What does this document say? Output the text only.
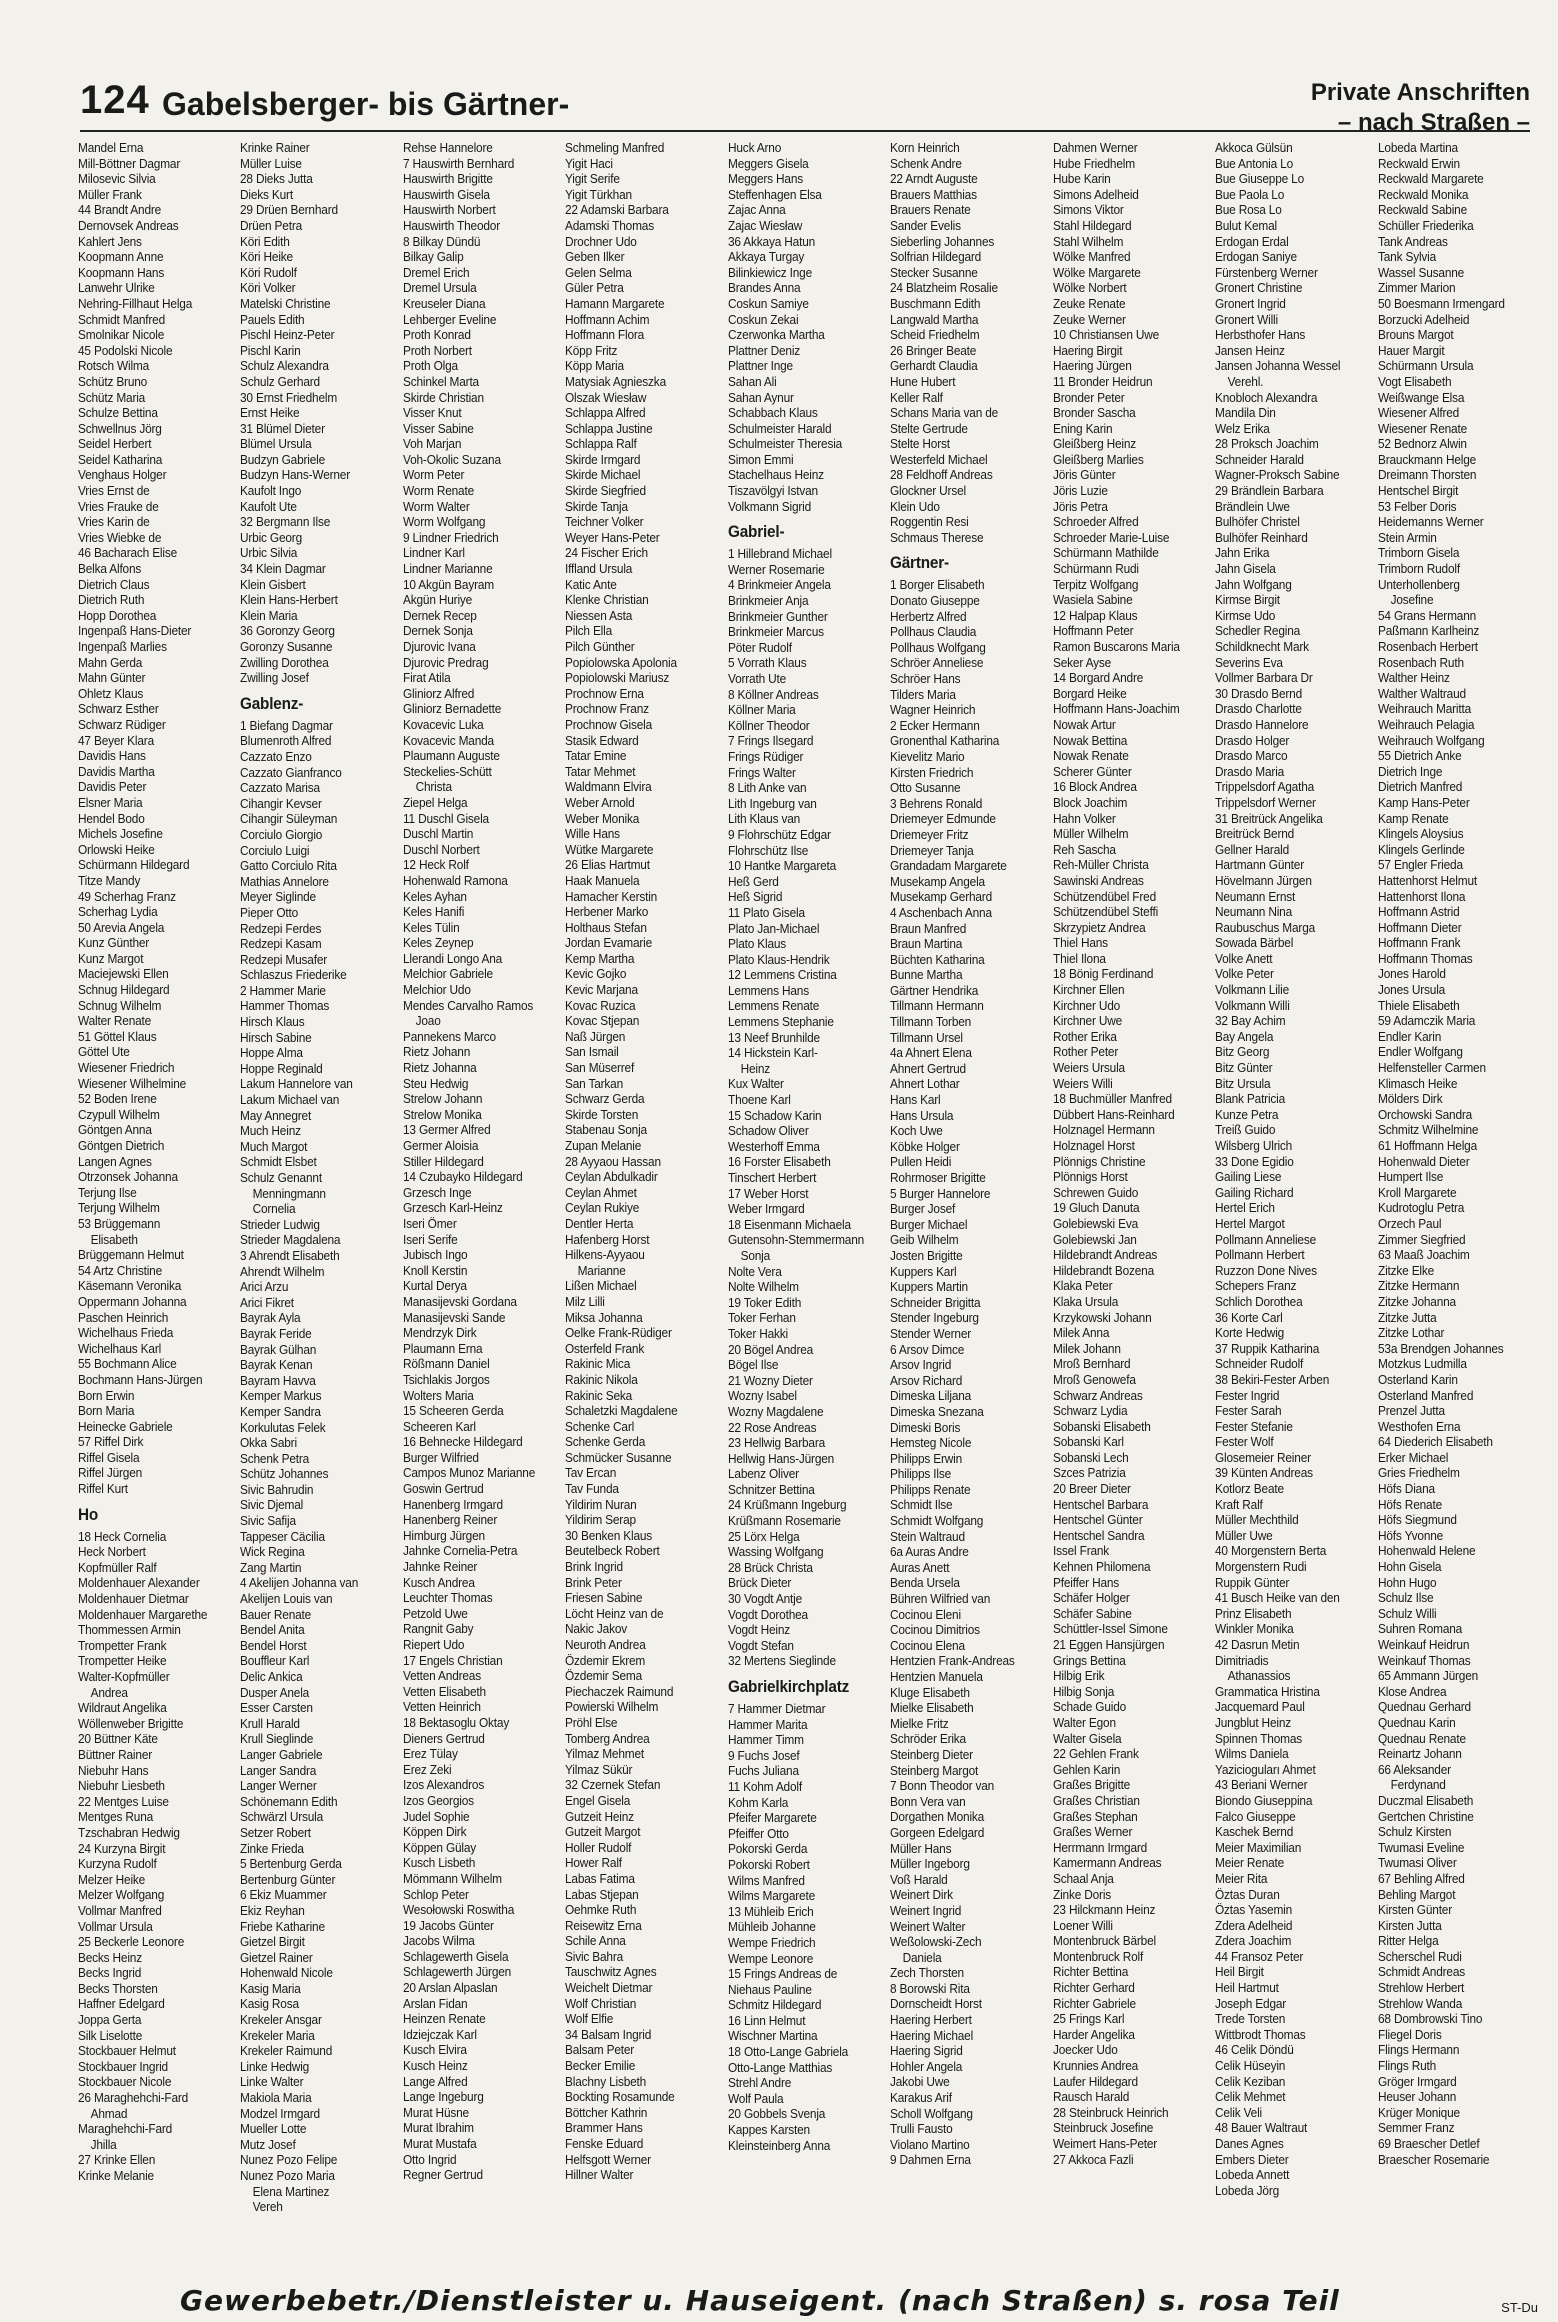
124 Gabelsberger- bis Gärtner-	Private Anschriften
– nach Straßen –
Mandel Erna
Mill-Böttner Dagmar
Milosevic Silvia
Müller Frank
44 Brandt Andre
Dernovsek Andreas
Kahlert Jens
Koopmann Anne
Koopmann Hans
Lanwehr Ulrike
Nehring-Fillhaut Helga
Schmidt Manfred
Smolnikar Nicole
45 Podolski Nicole
Rotsch Wilma
Schütz Bruno
Schütz Maria
Schulze Bettina
Schwellnus Jörg
Seidel Herbert
Seidel Katharina
Venghaus Holger
Vries Ernst de
Vries Frauke de
Vries Karin de
Vries Wiebke de
46 Bacharach Elise
Belka Alfons
Dietrich Claus
Dietrich Ruth
Hopp Dorothea
Ingenpaß Hans-Dieter
Ingenpaß Marlies
Mahn Gerda
Mahn Günter
Ohletz Klaus
Schwarz Esther
Schwarz Rüdiger
47 Beyer Klara
Davidis Hans
Davidis Martha
Davidis Peter
Elsner Maria
Hendel Bodo
Michels Josefine
Orlowski Heike
Schürmann Hildegard
Titze Mandy
49 Scherhag Franz
Scherhag Lydia
50 Arevia Angela
Kunz Günther
Kunz Margot
Maciejewski Ellen
Schnug Hildegard
Schnug Wilhelm
Walter Renate
51 Göttel Klaus
Göttel Ute
Wiesener Friedrich
Wiesener Wilhelmine
52 Boden Irene
Czypull Wilhelm
Göntgen Anna
Göntgen Dietrich
Langen Agnes
Otrzonsek Johanna
Terjung Ilse
Terjung Wilhelm
53 Brüggemann
Elisabeth
Brüggemann Helmut
54 Artz Christine
Käsemann Veronika
Oppermann Johanna
Paschen Heinrich
Wichelhaus Frieda
Wichelhaus Karl
55 Bochmann Alice
Bochmann Hans-Jürgen
Born Erwin
Born Maria
Heinecke Gabriele
57 Riffel Dirk
Riffel Gisela
Riffel Jürgen
Riffel Kurt
Ho
18 Heck Cornelia
Heck Norbert
Kopfmüller Ralf
Moldenhauer Alexander
Moldenhauer Dietmar
Moldenhauer Margarethe
Thommessen Armin
Trompetter Frank
Trompetter Heike
Walter-Kopfmüller
Andrea
Wildraut Angelika
Wöllenweber Brigitte
20 Büttner Käte
Büttner Rainer
Niebuhr Hans
Niebuhr Liesbeth
22 Mentges Luise
Mentges Runa
Tzschabran Hedwig
24 Kurzyna Birgit
Kurzyna Rudolf
Melzer Heike
Melzer Wolfgang
Vollmar Manfred
Vollmar Ursula
25 Beckerle Leonore
Becks Heinz
Becks Ingrid
Becks Thorsten
Haffner Edelgard
Joppa Gerta
Silk Liselotte
Stockbauer Helmut
Stockbauer Ingrid
Stockbauer Nicole
26 Maraghehchi-Fard
Ahmad
Maraghehchi-Fard
Jhilla
27 Krinke Ellen
Krinke Melanie
Krinke Rainer
Müller Luise
28 Dieks Jutta
Dieks Kurt
29 Drüen Bernhard
Drüen Petra
Köri Edith
Köri Heike
Köri Rudolf
Köri Volker
Matelski Christine
Pauels Edith
Pischl Heinz-Peter
Pischl Karin
Schulz Alexandra
Schulz Gerhard
30 Ernst Friedhelm
Ernst Heike
31 Blümel Dieter
Blümel Ursula
Budzyn Gabriele
Budzyn Hans-Werner
Kaufolt Ingo
Kaufolt Ute
32 Bergmann Ilse
Urbic Georg
Urbic Silvia
34 Klein Dagmar
Klein Gisbert
Klein Hans-Herbert
Klein Maria
36 Goronzy Georg
Goronzy Susanne
Zwilling Dorothea
Zwilling Josef
Gablenz-
1 Biefang Dagmar
Blumenroth Alfred
Cazzato Enzo
Cazzato Gianfranco
Cazzato Marisa
Cihangir Kevser
Cihangir Süleyman
Corciulo Giorgio
Corciulo Luigi
Gatto Corciulo Rita
Mathias Annelore
Meyer Siglinde
Pieper Otto
Redzepi Ferdes
Redzepi Kasam
Redzepi Musafer
Schlaszus Friederike
2 Hammer Marie
Hammer Thomas
Hirsch Klaus
Hirsch Sabine
Hoppe Alma
Hoppe Reginald
Lakum Hannelore van
Lakum Michael van
May Annegret
Much Heinz
Much Margot
Schmidt Elsbet
Schulz Genannt
Menningmann
Cornelia
Strieder Ludwig
Strieder Magdalena
3 Ahrendt Elisabeth
Ahrendt Wilhelm
Arici Arzu
Arici Fikret
Bayrak Ayla
Bayrak Feride
Bayrak Gülhan
Bayrak Kenan
Bayram Havva
Kemper Markus
Kemper Sandra
Korkulutas Felek
Okka Sabri
Schenk Petra
Schütz Johannes
Sivic Bahrudin
Sivic Djemal
Sivic Safija
Tappeser Cäcilia
Wick Regina
Zang Martin
4 Akelijen Johanna van
Akelijen Louis van
Bauer Renate
Bendel Anita
Bendel Horst
Bouffleur Karl
Delic Ankica
Dusper Anela
Esser Carsten
Krull Harald
Krull Sieglinde
Langer Gabriele
Langer Sandra
Langer Werner
Schönemann Edith
Schwärzl Ursula
Setzer Robert
Zinke Frieda
5 Bertenburg Gerda
Bertenburg Günter
6 Ekiz Muammer
Ekiz Reyhan
Friebe Katharine
Gietzel Birgit
Gietzel Rainer
Hohenwald Nicole
Kasig Maria
Kasig Rosa
Krekeler Ansgar
Krekeler Maria
Krekeler Raimund
Linke Hedwig
Linke Walter
Makiola Maria
Modzel Irmgard
Mueller Lotte
Mutz Josef
Nunez Pozo Felipe
Nunez Pozo Maria
Elena Martinez
Vereh
Rehse Hannelore
7 Hauswirth Bernhard
Hauswirth Brigitte
Hauswirth Gisela
Hauswirth Norbert
Hauswirth Theodor
8 Bilkay Dündü
Bilkay Galip
Dremel Erich
Dremel Ursula
Kreuseler Diana
Lehberger Eveline
Proth Konrad
Proth Norbert
Proth Olga
Schinkel Marta
Skirde Christian
Visser Knut
Visser Sabine
Voh Marjan
Voh-Okolic Suzana
Worm Peter
Worm Renate
Worm Walter
Worm Wolfgang
9 Lindner Friedrich
Lindner Karl
Lindner Marianne
10 Akgün Bayram
Akgün Huriye
Dernek Recep
Dernek Sonja
Djurovic Ivana
Djurovic Predrag
Firat Atila
Gliniorz Alfred
Gliniorz Bernadette
Kovacevic Luka
Kovacevic Manda
Plaumann Auguste
Steckelies-Schütt
Christa
Ziepel Helga
11 Duschl Gisela
Duschl Martin
Duschl Norbert
12 Heck Rolf
Hohenwald Ramona
Keles Ayhan
Keles Hanifi
Keles Tülin
Keles Zeynep
Llerandi Longo Ana
Melchior Gabriele
Melchior Udo
Mendes Carvalho Ramos
Joao
Pannekens Marco
Rietz Johann
Rietz Johanna
Steu Hedwig
Strelow Johann
Strelow Monika
13 Germer Alfred
Germer Aloisia
Stiller Hildegard
14 Czubayko Hildegard
Grzesch Inge
Grzesch Karl-Heinz
Iseri Ömer
Iseri Serife
Jubisch Ingo
Knoll Kerstin
Kurtal Derya
Manasijevski Gordana
Manasijevski Sande
Mendrzyk Dirk
Plaumann Erna
Rößmann Daniel
Tsichlakis Jorgos
Wolters Maria
15 Scheeren Gerda
Scheeren Karl
16 Behnecke Hildegard
Burger Wilfried
Campos Munoz Marianne
Goswin Gertrud
Hanenberg Irmgard
Hanenberg Reiner
Himburg Jürgen
Jahnke Cornelia-Petra
Jahnke Reiner
Kusch Andrea
Leuchter Thomas
Petzold Uwe
Rangnit Gaby
Riepert Udo
17 Engels Christian
Vetten Andreas
Vetten Elisabeth
Vetten Heinrich
18 Bektasoglu Oktay
Dieners Gertrud
Erez Tülay
Erez Zeki
Izos Alexandros
Izos Georgios
Judel Sophie
Köppen Dirk
Köppen Gülay
Kusch Lisbeth
Mömmann Wilhelm
Schlop Peter
Wesołowski Roswitha
19 Jacobs Günter
Jacobs Wilma
Schlagewerth Gisela
Schlagewerth Jürgen
20 Arslan Alpaslan
Arslan Fidan
Heinzen Renate
Idziejczak Karl
Kusch Elvira
Kusch Heinz
Lange Alfred
Lange Ingeburg
Murat Hüsne
Murat Ibrahim
Murat Mustafa
Otto Ingrid
Regner Gertrud
Schmeling Manfred
Yigit Haci
Yigit Serife
Yigit Türkhan
22 Adamski Barbara
Adamski Thomas
Drochner Udo
Geben Ilker
Gelen Selma
Güler Petra
Hamann Margarete
Hoffmann Achim
Hoffmann Flora
Köpp Fritz
Köpp Maria
Matysiak Agnieszka
Olszak Wiesław
Schlappa Alfred
Schlappa Justine
Schlappa Ralf
Skirde Irmgard
Skirde Michael
Skirde Siegfried
Skirde Tanja
Teichner Volker
Weyer Hans-Peter
24 Fischer Erich
Iffland Ursula
Katic Ante
Klenke Christian
Niessen Asta
Pilch Ella
Pilch Günther
Popiolowska Apolonia
Popiolowski Mariusz
Prochnow Erna
Prochnow Franz
Prochnow Gisela
Stasik Edward
Tatar Emine
Tatar Mehmet
Waldmann Elvira
Weber Arnold
Weber Monika
Wille Hans
Wütke Margarete
26 Elias Hartmut
Haak Manuela
Hamacher Kerstin
Herbener Marko
Holthaus Stefan
Jordan Evamarie
Kemp Martha
Kevic Gojko
Kevic Marjana
Kovac Ruzica
Kovac Stjepan
Naß Jürgen
San Ismail
San Müserref
San Tarkan
Schwarz Gerda
Skirde Torsten
Stabenau Sonja
Zupan Melanie
28 Ayyaou Hassan
Ceylan Abdulkadir
Ceylan Ahmet
Ceylan Rukiye
Dentler Herta
Hafenberg Horst
Hilkens-Ayyaou
Marianne
Lißen Michael
Milz Lilli
Miksa Johanna
Oelke Frank-Rüdiger
Osterfeld Frank
Rakinic Mica
Rakinic Nikola
Rakinic Seka
Schaletzki Magdalene
Schenke Carl
Schenke Gerda
Schmücker Susanne
Tav Ercan
Tav Funda
Yildirim Nuran
Yildirim Serap
30 Benken Klaus
Beutelbeck Robert
Brink Ingrid
Brink Peter
Friesen Sabine
Löcht Heinz van de
Nakic Jakov
Neuroth Andrea
Özdemir Ekrem
Özdemir Sema
Piechaczek Raimund
Powierski Wilhelm
Pröhl Else
Tomberg Andrea
Yilmaz Mehmet
Yilmaz Sükür
32 Czernek Stefan
Engel Gisela
Gutzeit Heinz
Gutzeit Margot
Holler Rudolf
Hower Ralf
Labas Fatima
Labas Stjepan
Oehmke Ruth
Reisewitz Erna
Schile Anna
Sivic Bahra
Tauschwitz Agnes
Weichelt Dietmar
Wolf Christian
Wolf Elfie
34 Balsam Ingrid
Balsam Peter
Becker Emilie
Blachny Lisbeth
Bockting Rosamunde
Böttcher Kathrin
Brammer Hans
Fenske Eduard
Helfsgott Werner
Hillner Walter
Huck Arno
Meggers Gisela
Meggers Hans
Steffenhagen Elsa
Zajac Anna
Zajac Wiesław
36 Akkaya Hatun
Akkaya Turgay
Bilinkiewicz Inge
Brandes Anna
Coskun Samiye
Coskun Zekai
Czerwonka Martha
Plattner Deniz
Plattner Inge
Sahan Ali
Sahan Aynur
Schabbach Klaus
Schulmeister Harald
Schulmeister Theresia
Simon Emmi
Stachelhaus Heinz
Tiszavölgyi Istvan
Volkmann Sigrid
Gabriel-
1 Hillebrand Michael
Werner Rosemarie
4 Brinkmeier Angela
Brinkmeier Anja
Brinkmeier Gunther
Brinkmeier Marcus
Pöter Rudolf
5 Vorrath Klaus
Vorrath Ute
8 Köllner Andreas
Köllner Maria
Köllner Theodor
7 Frings Ilsegard
Frings Rüdiger
Frings Walter
8 Lith Anke van
Lith Ingeburg van
Lith Klaus van
9 Flohrschütz Edgar
Flohrschütz Ilse
10 Hantke Margareta
Heß Gerd
Heß Sigrid
11 Plato Gisela
Plato Jan-Michael
Plato Klaus
Plato Klaus-Hendrik
12 Lemmens Cristina
Lemmens Hans
Lemmens Renate
Lemmens Stephanie
13 Neef Brunhilde
14 Hickstein Karl-
Heinz
Kux Walter
Thoene Karl
15 Schadow Karin
Schadow Oliver
Westerhoff Emma
16 Forster Elisabeth
Tinschert Herbert
17 Weber Horst
Weber Irmgard
18 Eisenmann Michaela
Gutensohn-Stemmermann
Sonja
Nolte Vera
Nolte Wilhelm
19 Toker Edith
Toker Ferhan
Toker Hakki
20 Bögel Andrea
Bögel Ilse
21 Wozny Dieter
Wozny Isabel
Wozny Magdalene
22 Rose Andreas
23 Hellwig Barbara
Hellwig Hans-Jürgen
Labenz Oliver
Schnitzer Bettina
24 Krüßmann Ingeburg
Krüßmann Rosemarie
25 Lörx Helga
Wassing Wolfgang
28 Brück Christa
Brück Dieter
30 Vogdt Antje
Vogdt Dorothea
Vogdt Heinz
Vogdt Stefan
32 Mertens Sieglinde
Gabrielkirchplatz
7 Hammer Dietmar
Hammer Marita
Hammer Timm
9 Fuchs Josef
Fuchs Juliana
11 Kohm Adolf
Kohm Karla
Pfeifer Margarete
Pfeiffer Otto
Pokorski Gerda
Pokorski Robert
Wilms Manfred
Wilms Margarete
13 Mühleib Erich
Mühleib Johanne
Wempe Friedrich
Wempe Leonore
15 Frings Andreas de
Niehaus Pauline
Schmitz Hildegard
16 Linn Helmut
Wischner Martina
18 Otto-Lange Gabriela
Otto-Lange Matthias
Strehl Andre
Wolf Paula
20 Gobbels Svenja
Kappes Karsten
Kleinsteinberg Anna
Korn Heinrich
Schenk Andre
22 Arndt Auguste
Brauers Matthias
Brauers Renate
Sander Evelis
Sieberling Johannes
Solfrian Hildegard
Stecker Susanne
24 Blatzheim Rosalie
Buschmann Edith
Langwald Martha
Scheid Friedhelm
26 Bringer Beate
Gerhardt Claudia
Hune Hubert
Keller Ralf
Schans Maria van de
Stelte Gertrude
Stelte Horst
Westerfeld Michael
28 Feldhoff Andreas
Glockner Ursel
Klein Udo
Roggentin Resi
Schmaus Therese
Gärtner-
1 Borger Elisabeth
Donato Giuseppe
Herbertz Alfred
Pollhaus Claudia
Pollhaus Wolfgang
Schröer Anneliese
Schröer Hans
Tilders Maria
Wagner Heinrich
2 Ecker Hermann
Gronenthal Katharina
Kievelitz Mario
Kirsten Friedrich
Otto Susanne
3 Behrens Ronald
Driemeyer Edmunde
Driemeyer Fritz
Driemeyer Tanja
Grandadam Margarete
Musekamp Angela
Musekamp Gerhard
4 Aschenbach Anna
Braun Manfred
Braun Martina
Büchten Katharina
Bunne Martha
Gärtner Hendrika
Tillmann Hermann
Tillmann Torben
Tillmann Ursel
4a Ahnert Elena
Ahnert Gertrud
Ahnert Lothar
Hans Karl
Hans Ursula
Koch Uwe
Köbke Holger
Pullen Heidi
Rohrmoser Brigitte
5 Burger Hannelore
Burger Josef
Burger Michael
Geib Wilhelm
Josten Brigitte
Kuppers Karl
Kuppers Martin
Schneider Brigitta
Stender Ingeburg
Stender Werner
6 Arsov Dimce
Arsov Ingrid
Arsov Richard
Dimeska Liljana
Dimeska Snezana
Dimeski Boris
Hemsteg Nicole
Philipps Erwin
Philipps Ilse
Philipps Renate
Schmidt Ilse
Schmidt Wolfgang
Stein Waltraud
6a Auras Andre
Auras Anett
Benda Ursela
Bühren Wilfried van
Cocinou Eleni
Cocinou Dimitrios
Cocinou Elena
Hentzien Frank-Andreas
Hentzien Manuela
Kluge Elisabeth
Mielke Elisabeth
Mielke Fritz
Schröder Erika
Steinberg Dieter
Steinberg Margot
7 Bonn Theodor van
Bonn Vera van
Dorgathen Monika
Gorgeen Edelgard
Müller Hans
Müller Ingeborg
Voß Harald
Weinert Dirk
Weinert Ingrid
Weinert Walter
Weßolowski-Zech
Daniela
Zech Thorsten
8 Borowski Rita
Dornscheidt Horst
Haering Herbert
Haering Michael
Haering Sigrid
Hohler Angela
Jakobi Uwe
Karakus Arif
Scholl Wolfgang
Trulli Fausto
Violano Martino
9 Dahmen Erna
Dahmen Werner
Hube Friedhelm
Hube Karin
Simons Adelheid
Simons Viktor
Stahl Hildegard
Stahl Wilhelm
Wölke Manfred
Wölke Margarete
Wölke Norbert
Zeuke Renate
Zeuke Werner
10 Christiansen Uwe
Haering Birgit
Haering Jürgen
11 Bronder Heidrun
Bronder Peter
Bronder Sascha
Ening Karin
Gleißberg Heinz
Gleißberg Marlies
Jöris Günter
Jöris Luzie
Jöris Petra
Schroeder Alfred
Schroeder Marie-Luise
Schürmann Mathilde
Schürmann Rudi
Terpitz Wolfgang
Wasiela Sabine
12 Halpap Klaus
Hoffmann Peter
Ramon Buscarons Maria
Seker Ayse
14 Borgard Andre
Borgard Heike
Hoffmann Hans-Joachim
Nowak Artur
Nowak Bettina
Nowak Renate
Scherer Günter
16 Block Andrea
Block Joachim
Hahn Volker
Müller Wilhelm
Reh Sascha
Reh-Müller Christa
Sawinski Andreas
Schützendübel Fred
Schützendübel Steffi
Skrzypietz Andrea
Thiel Hans
Thiel Ilona
18 Bönig Ferdinand
Kirchner Ellen
Kirchner Udo
Kirchner Uwe
Rother Erika
Rother Peter
Weiers Ursula
Weiers Willi
18 Buchmüller Manfred
Dübbert Hans-Reinhard
Holznagel Hermann
Holznagel Horst
Plönnigs Christine
Plönnigs Horst
Schrewen Guido
19 Gluch Danuta
Golebiewski Eva
Golebiewski Jan
Hildebrandt Andreas
Hildebrandt Bozena
Klaka Peter
Klaka Ursula
Krzykowski Johann
Milek Anna
Milek Johann
Mroß Bernhard
Mroß Genowefa
Schwarz Andreas
Schwarz Lydia
Sobanski Elisabeth
Sobanski Karl
Sobanski Lech
Szces Patrizia
20 Breer Dieter
Hentschel Barbara
Hentschel Günter
Hentschel Sandra
Issel Frank
Kehnen Philomena
Pfeiffer Hans
Schäfer Holger
Schäfer Sabine
Schüttler-Issel Simone
21 Eggen Hansjürgen
Grings Bettina
Hilbig Erik
Hilbig Sonja
Schade Guido
Walter Egon
Walter Gisela
22 Gehlen Frank
Gehlen Karin
Graßes Brigitte
Graßes Christian
Graßes Stephan
Graßes Werner
Herrmann Irmgard
Kamermann Andreas
Schaal Anja
Zinke Doris
23 Hilckmann Heinz
Loener Willi
Montenbruck Bärbel
Montenbruck Rolf
Richter Bettina
Richter Gerhard
Richter Gabriele
25 Frings Karl
Harder Angelika
Joecker Udo
Krunnies Andrea
Laufer Hildegard
Rausch Harald
28 Steinbruck Heinrich
Steinbruck Josefine
Weimert Hans-Peter
27 Akkoca Fazli
Akkoca Gülsün
Bue Antonia Lo
Bue Giuseppe Lo
Bue Paola Lo
Bue Rosa Lo
Bulut Kemal
Erdogan Erdal
Erdogan Saniye
Fürstenberg Werner
Gronert Christine
Gronert Ingrid
Gronert Willi
Herbsthofer Hans
Jansen Heinz
Jansen Johanna Wessel
Verehl.
Knobloch Alexandra
Mandila Din
Welz Erika
28 Proksch Joachim
Schneider Harald
Wagner-Proksch Sabine
29 Brändlein Barbara
Brändlein Uwe
Bulhöfer Christel
Bulhöfer Reinhard
Jahn Erika
Jahn Gisela
Jahn Wolfgang
Kirmse Birgit
Kirmse Udo
Schedler Regina
Schildknecht Mark
Severins Eva
Vollmer Barbara Dr
30 Drasdo Bernd
Drasdo Charlotte
Drasdo Hannelore
Drasdo Holger
Drasdo Marco
Drasdo Maria
Trippelsdorf Agatha
Trippelsdorf Werner
31 Breitrück Angelika
Breitrück Bernd
Gellner Harald
Hartmann Günter
Hövelmann Jürgen
Neumann Ernst
Neumann Nina
Raubuschus Marga
Sowada Bärbel
Volke Anett
Volke Peter
Volkmann Lilie
Volkmann Willi
32 Bay Achim
Bay Angela
Bitz Georg
Bitz Günter
Bitz Ursula
Blank Patricia
Kunze Petra
Treiß Guido
Wilsberg Ulrich
33 Done Egidio
Gailing Liese
Gailing Richard
Hertel Erich
Hertel Margot
Pollmann Anneliese
Pollmann Herbert
Ruzzon Done Nives
Schepers Franz
Schlich Dorothea
36 Korte Carl
Korte Hedwig
37 Ruppik Katharina
Schneider Rudolf
38 Bekiri-Fester Arben
Fester Ingrid
Fester Sarah
Fester Stefanie
Fester Wolf
Glosemeier Reiner
39 Künten Andreas
Kotlorz Beate
Kraft Ralf
Müller Mechthild
Müller Uwe
40 Morgenstern Berta
Morgenstern Rudi
Ruppik Günter
41 Busch Heike van den
Prinz Elisabeth
Winkler Monika
42 Dasrun Metin
Dimitriadis
Athanassios
Grammatica Hristina
Jacquemard Paul
Jungblut Heinz
Spinnen Thomas
Wilms Daniela
Yazicioguları Ahmet
43 Beriani Werner
Biondo Giuseppina
Falco Giuseppe
Kaschek Bernd
Meier Maximilian
Meier Renate
Meier Rita
Öztas Duran
Öztas Yasemin
Zdera Adelheid
Zdera Joachim
44 Fransoz Peter
Heil Birgit
Heil Hartmut
Joseph Edgar
Trede Torsten
Wittbrodt Thomas
46 Celik Döndü
Celik Hüseyin
Celik Keziban
Celik Mehmet
Celik Veli
48 Bauer Waltraut
Danes Agnes
Embers Dieter
Lobeda Annett
Lobeda Jörg
Lobeda Martina
Reckwald Erwin
Reckwald Margarete
Reckwald Monika
Reckwald Sabine
Schüller Friederika
Tank Andreas
Tank Sylvia
Wassel Susanne
Zimmer Marion
50 Boesmann Irmengard
Borzucki Adelheid
Brouns Margot
Hauer Margit
Schürmann Ursula
Vogt Elisabeth
Weißwange Elsa
Wiesener Alfred
Wiesener Renate
52 Bednorz Alwin
Brauckmann Helge
Dreimann Thorsten
Hentschel Birgit
53 Felber Doris
Heidemanns Werner
Stein Armin
Trimborn Gisela
Trimborn Rudolf
Unterhollenberg
Josefine
54 Grans Hermann
Paßmann Karlheinz
Rosenbach Herbert
Rosenbach Ruth
Walther Heinz
Walther Waltraud
Weihrauch Maritta
Weihrauch Pelagia
Weihrauch Wolfgang
55 Dietrich Anke
Dietrich Inge
Dietrich Manfred
Kamp Hans-Peter
Kamp Renate
Klingels Aloysius
Klingels Gerlinde
57 Engler Frieda
Hattenhorst Helmut
Hattenhorst Ilona
Hoffmann Astrid
Hoffmann Dieter
Hoffmann Frank
Hoffmann Thomas
Jones Harold
Jones Ursula
Thiele Elisabeth
59 Adamczik Maria
Endler Karin
Endler Wolfgang
Helfensteller Carmen
Klimasch Heike
Mölders Dirk
Orchowski Sandra
Schmitz Wilhelmine
61 Hoffmann Helga
Hohenwald Dieter
Humpert Ilse
Kroll Margarete
Kudrotoglu Petra
Orzech Paul
Zimmer Siegfried
63 Maaß Joachim
Zitzke Elke
Zitzke Hermann
Zitzke Johanna
Zitzke Jutta
Zitzke Lothar
53a Brendgen Johannes
Motzkus Ludmilla
Osterland Karin
Osterland Manfred
Prenzel Jutta
Westhofen Erna
64 Diederich Elisabeth
Erker Michael
Gries Friedhelm
Höfs Diana
Höfs Renate
Höfs Siegmund
Höfs Yvonne
Hohenwald Helene
Hohn Gisela
Hohn Hugo
Schulz Ilse
Schulz Willi
Suhren Romana
Weinkauf Heidrun
Weinkauf Thomas
65 Ammann Jürgen
Klose Andrea
Quednau Gerhard
Quednau Karin
Quednau Renate
Reinartz Johann
66 Aleksander
Ferdynand
Duczmal Elisabeth
Gertchen Christine
Schulz Kirsten
Twumasi Eveline
Twumasi Oliver
67 Behling Alfred
Behling Margot
Kirsten Günter
Kirsten Jutta
Ritter Helga
Scherschel Rudi
Schmidt Andreas
Strehlow Herbert
Strehlow Wanda
68 Dombrowski Tino
Fliegel Doris
Flings Hermann
Flings Ruth
Gröger Irmgard
Heuser Johann
Krüger Monique
Semmer Franz
69 Braescher Detlef
Braescher Rosemarie
Gewerbebetr./Dienstleister u. Hauseigent. (nach Straßen) s. rosa Teil	ST-Du
